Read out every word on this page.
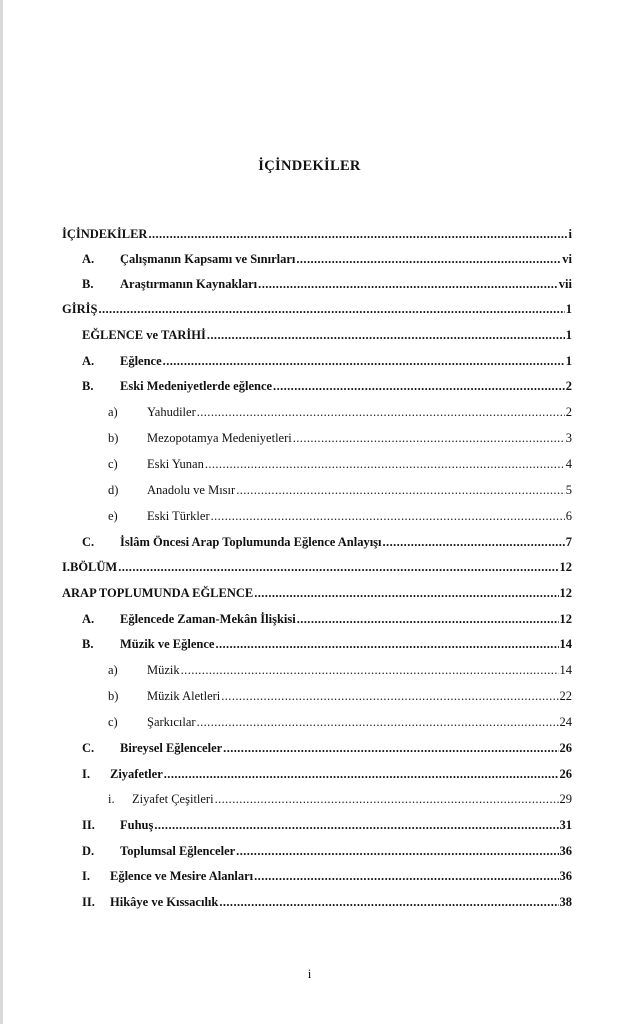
İÇİNDEKİLER
İÇİNDEKİLER .....	i
A.	Çalışmanın Kapsamı ve Sınırları .....	vi
B.	Araştırmanın Kaynakları .....	vii
GİRİŞ .....	1
EĞLENCE ve TARİHİ .....	1
A.	Eğlence .....	1
B.	Eski Medeniyetlerde eğlence .....	2
a)	Yahudiler .....	2
b)	Mezopotamya Medeniyetleri .....	3
c)	Eski Yunan .....	4
d)	Anadolu ve Mısır .....	5
e)	Eski Türkler .....	6
C.	İslâm Öncesi Arap Toplumunda Eğlence Anlayışı .....	7
I.BÖLÜM .....	12
ARAP TOPLUMUNDA EĞLENCE .....	12
A.	Eğlencede Zaman-Mekân İlişkisi .....	12
B.	Müzik ve Eğlence .....	14
a)	Müzik .....	14
b)	Müzik Aletleri .....	22
c)	Şarkıcılar .....	24
C.	Bireysel Eğlenceler .....	26
I.	Ziyafetler .....	26
i.	Ziyafet Çeşitleri .....	29
II.	Fuhuş .....	31
D.	Toplumsal Eğlenceler .....	36
I.	Eğlence ve Mesire Alanları .....	36
II.	Hikâye ve Kıssacılık .....	38
i
